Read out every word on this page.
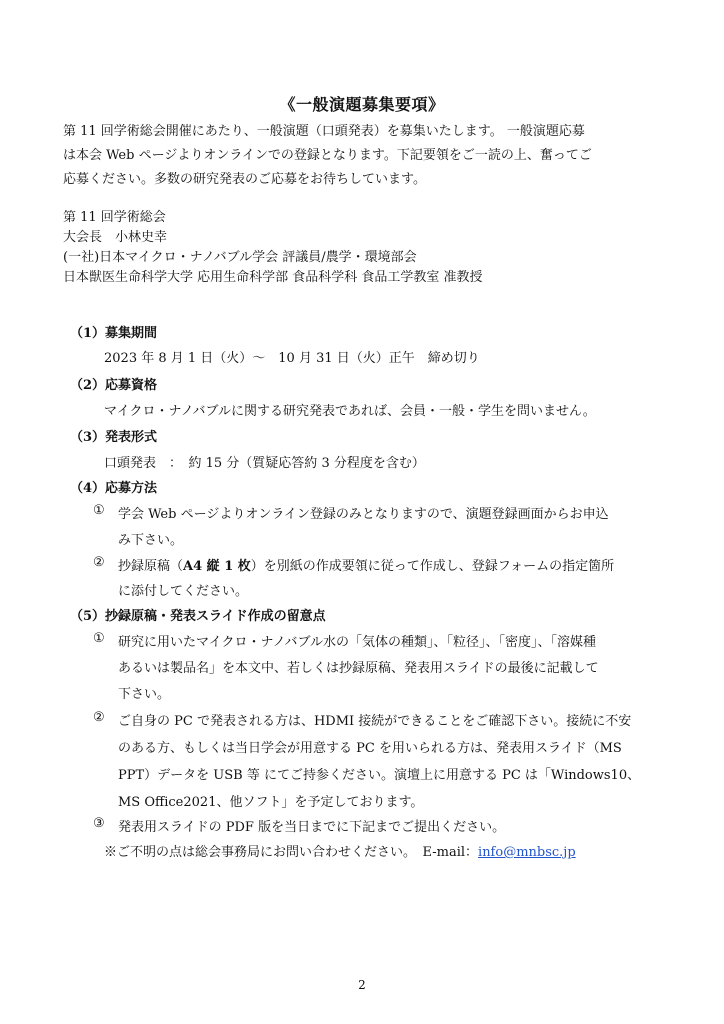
《一般演題募集要項》
第 11 回学術総会開催にあたり、一般演題（口頭発表）を募集いたします。 一般演題応募
は本会 Web ページよりオンラインでの登録となります。下記要領をご一読の上、奮ってご
応募ください。多数の研究発表のご応募をお待ちしています。
第 11 回学術総会
大会長　小林史幸
(一社)日本マイクロ・ナノバブル学会 評議員/農学・環境部会
日本獣医生命科学大学 応用生命科学部 食品科学科 食品工学教室 准教授
（1）募集期間
2023 年 8 月 1 日（火）～　10 月 31 日（火）正午　締め切り
（2）応募資格
マイクロ・ナノバブルに関する研究発表であれば、会員・一般・学生を問いません。
（3）発表形式
口頭発表　：　約 15 分（質疑応答約 3 分程度を含む）
（4）応募方法
① 学会 Web ページよりオンライン登録のみとなりますので、演題登録画面からお申込
み下さい。
② 抄録原稿（A4 縦 1 枚）を別紙の作成要領に従って作成し、登録フォームの指定箇所
に添付してください。
（5）抄録原稿・発表スライド作成の留意点
① 研究に用いたマイクロ・ナノバブル水の「気体の種類」、「粒径」、「密度」、「溶媒種
あるいは製品名」を本文中、若しくは抄録原稿、発表用スライドの最後に記載して
下さい。
② ご自身の PC で発表される方は、HDMI 接続ができることをご確認下さい。接続に不安
のある方、もしくは当日学会が用意する PC を用いられる方は、発表用スライド（MS
PPT）データを USB 等 にてご持参ください。演壇上に用意する PC は「Windows10、
MS Office2021、他ソフト」を予定しております。
③ 発表用スライドの PDF 版を当日までに下記までご提出ください。
※ご不明の点は総会事務局にお問い合わせください。　E-mail：info@mnbsc.jp
2
